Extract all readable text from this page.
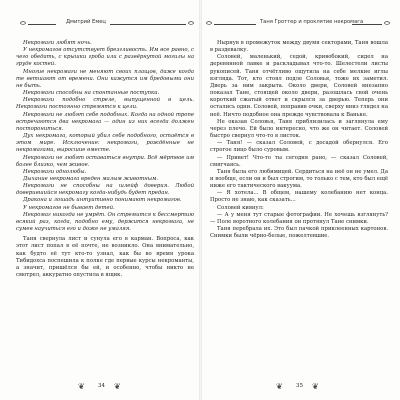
Дмитрий Емец

Некромаги любят ночь.

У некромагов отсутствует брезгливость. Им все равно, с чего обедать, с крышки гроба или с развёрнутой могилы на груде костей.

Многие некромаги не меняют своих плащов, даже когда те ветшают от времени. Они кажутся им бредовыми они не быть.

Некромаги способны на спонтанные поступки.

Некромаги подобно стреле, выпущенной в цель. Некромаги постоянно стремятся к цели.

Некромаги не любят себе подобных. Когда на одной тропе встречаются два некромага — один из них всегда должен посторониться.

Дух некромага, который убил себе подобного, остаётся в этом мире. Исключение: некромаги, рождённые не некромагами, выросшие вместе.

Некромаги не любят оставаться внутри. Всё мёртвое им более близко, чем живое.

Некромаги однолюбы.

Дыхание некромага вреден малым животным.

Некромаги не способны на шлейф доверия. Любой доверившийся некромагу когда-нибудь будет предан.

Дракона и лошадь интуитивно понимают некромагов.

У некромагов не бывает детей.

Некромаг никогда не умрёт. Он стремится к бессмертию всякий раз, когда, подобно ему, держится некромага, не сумев научиться его и доже не умаляя.

Таня свернула лист и сунула его в карман. Вопроса, как этот лист попал в её почте, не возникло. Она внимательно, как будто её тут кто-то узнал, как бы во время урока Тибидохса поспешила к полке где первые курсы некроманты, а значит, пришёлся бы ей, и особенно, чтобы никто не смотрел, аккуратно опустила в ящик.

❦ 34 ❦
Таня Гроттер и проклятие некромага

Нырнув в промежуток между двумя секторами, Таня вошла в раздевалку.

Соловей, маленький, седой, кривобокий, сидел на деревянной лавке и раскладывал что-то. Шелестели листы рукописей. Таня отчётливо ощутила на себе мелкие иглы взгляда. Тот, кто стоял подле Соловья, тоже их заметил. Дверь за ним закрыта. Около двери, Соловей внезапно показал Тане, стоящей около двери, разошлась свой очень короткий сжатый ответ и скрылся за дверью. Теперь они остались одни. Соловей, поправив очки, сверху вниз глядел на неё. Ничто подобное она прежде чувствовала к Ваньке.

Не оказав Соловья, Таня приблизилась и заглянула ему через плечо. Ей было интересно, что же он читает. Соловей быстро свернул что-то в листок.

— Таня! — сказал Соловей, с досадой обернулся. Его строгое лицо было суровым.

— Привет! Что-то ты сегодня рано, — сказал Соловей, смягчаясь.

Таня была его любимицей. Сердиться на неё он не умел. Да и вообще, если он и был строгим, то только с тем, кто был ещё ниже его тактического вакуума.

— Я хотела... В общем, нашему колебанию нет конца. Просто не знаю, как сказать...

Соловей кивнул:

— А у меня тут старые фотографии. Не хочешь взглянуть? — Поле воротного колебания он протянул Тане снимки.

Таня перебрала их. Это был пачкой приклеенных картонов. Снимки были чёрно-белые, пожелтевшие.

❦ 35 ❦
